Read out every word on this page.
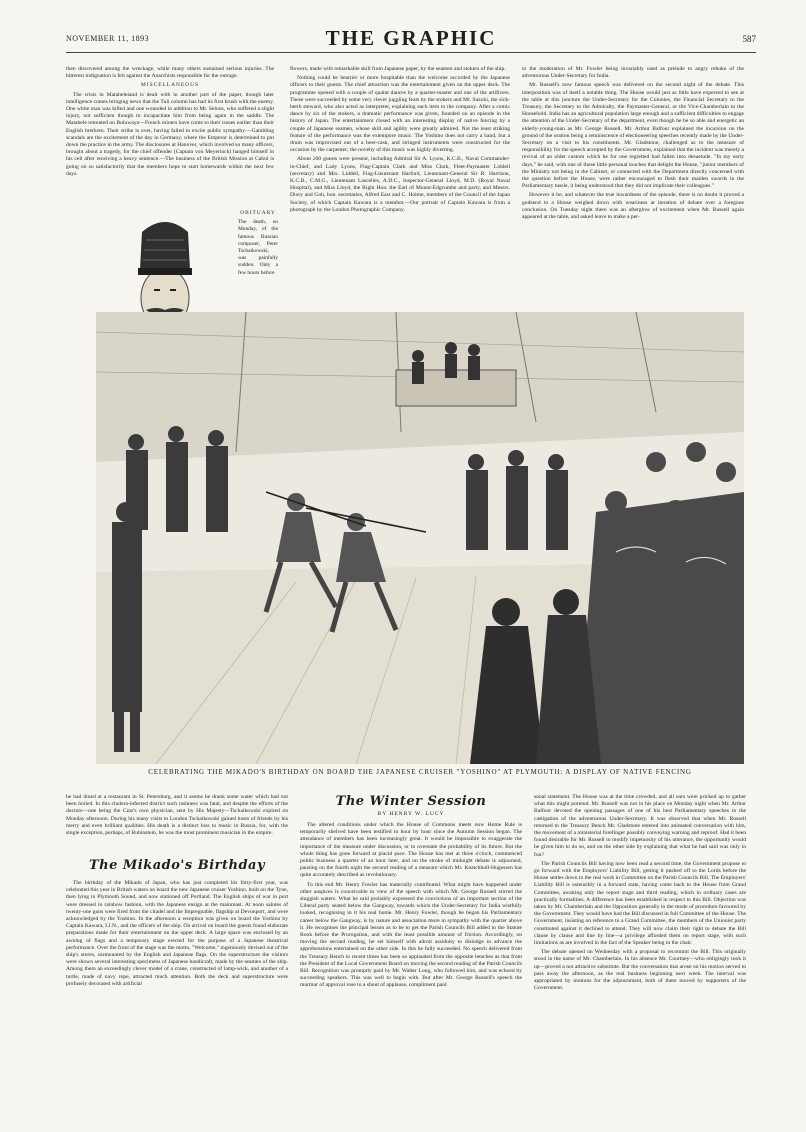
NOVEMBER 11, 1893	THE GRAPHIC	587

then discovered among the wreckage, while many others sustained serious injuries. The bitterest indignation is felt against the Anarchists responsible for the outrage.

MISCELLANEOUS

The crisis in Matabeleland is dealt with in another part of the paper, though later intelligence comes bringing news that the Tuli column has had its first brush with the enemy. One white man was killed and one wounded in addition to Mr. Selous, who suffered a slight injury, not sufficient though to incapacitate him from being again in the saddle. The Matabele retreated on Buluwayo—French miners have come to their issues earlier than their English brethren. Their strike is over, having failed to excite public sympathy.—Gambling scandals are the excitement of the day in Germany, where the Emperor is determined to put down the practice in the army. The disclosures at Hanover, which involved so many officers, brought about a tragedy, for the chief offender (Captain von Meyerinck) hanged himself in his cell after receiving a heavy sentence.—The business of the British Mission at Cabul is going on so satisfactorily that the members hope to start homewards within the next few days.

OBITUARY

The death, on Monday, of the famous Russian composer, Peter Tschaikowski, was painfully sudden. Only a few hours before

flowers, made with remarkable skill from Japanese paper, by the seamen and stokers of the ship.

Nothing could be heartier or more hospitable than the welcome accorded by the Japanese officers to their guests. The chief attraction was the entertainment given on the upper deck. The programme opened with a couple of quaint dances by a quarter-master and one of the artificers. These were succeeded by some very clever juggling feats by the stokers and Mr. Suzuki, the sick-berth steward, who also acted as interpreter, explaining each item to the company. After a comic dance by six of the stokers, a dramatic performance was given, founded on an episode in the history of Japan. The entertainment closed with an interesting display of native fencing by a couple of Japanese seamen, whose skill and agility were greatly admired. Not the least striking feature of the performance was the extempore music. The Yoshino does not carry a band, but a drum was improvised out of a beer-cask, and stringed instruments were constructed for the occasion by the carpenter; the novelty of this music was highly diverting.

About 200 guests were present, including Admiral Sir A. Lyons, K.C.B., Naval Commander-in-Chief, and Lady Lyons, Flag-Captain Clark and Miss Clark, Fleet-Paymaster Liddell (secretary) and Mrs. Liddell, Flag-Lieutenant Harford, Lieutenant-General Sir R. Harrison, K.C.B., C.M.G., Lieutenant Lascelles, A.D.C., Inspector-General Lloyd, M.D. (Royal Naval Hospital), and Miss Lloyd, the Right Hon. the Earl of Mount-Edgcumbe and party, and Messrs. Diory and Goh, hon. secretaries, Alfred East and C. Holme, members of the Council of the Japan Society, of which Captain Kawara is a member.—Our portrait of Captain Kawara is from a photograph by the London Photographic Company.

to the moderation of Mr. Fowler being invariably used as prelude to angry rebuke of the adventurous Under-Secretary for India.

Mr. Russell's now famous speech was delivered on the second night of the debate. This interposition was of itself a notable thing. The House would just as little have expected to see at the table at this juncture the Under-Secretary for the Colonies, the Financial Secretary to the Treasury, the Secretary to the Admiralty, the Paymaster-General, or the Vice-Chamberlain to the Household. India has an agricultural population large enough and a sufficient difficulties to engage the attention of the Under-Secretary of the department, even though he be so able and energetic an elderly-young-man as Mr. George Russell. Mr. Arthur Balfour explained the incursion on the ground of the oration being a reminiscence of electioneering speeches recently made by the Under-Secretary on a visit to his constituents. Mr. Gladstone, challenged as to the measure of responsibility for the speech accepted by the Government, explained that the incident was merely a revival of an older custom which he for one regretted had fallen into desuetude. "In my early days," he said, with one of those little personal touches that delight the House, "junior members of the Ministry not being in the Cabinet, or connected with the Department directly concerned with the question before the House, were rather encouraged to flesh their maiden swords in the Parliamentary tussle, it being understood that they did not implicate their colleagues."

However it be, and whatever the true inwardness of the episode, there is no doubt it proved a godsend to a House weighed down with weariness at iteration of debate over a foregone conclusion. On Tuesday night there was an afterglow of excitement when Mr. Russell again appeared at the table, and asked leave to make a per-

CELEBRATING THE MIKADO'S BIRTHDAY ON BOARD THE JAPANESE CRUISER "YOSHINO" AT PLYMOUTH: A DISPLAY OF NATIVE FENCING

he had dined at a restaurant in St. Petersburg, and it seems he drank some water which had not been boiled. In this cholera-infected district such rashness was fatal, and despite the efforts of the doctors—one being the Czar's own physician, sent by His Majesty—Tschaikowski expired on Monday afternoon. During his many visits to London Tschaikowski gained hosts of friends by his merry and even brilliant qualities. His death is a distinct loss to music in Russia, for, with the single exception, perhaps, of Rubinstein, he was the most prominent musician in the empire.

The Mikado's Birthday

The birthday of the Mikado of Japan, who has just completed his forty-first year, was celebrated this year in British waters on board the new Japanese cruiser Yoshino, built on the Tyne, then lying in Plymouth Sound, and now stationed off Portland. The English ships of war in port were dressed in rainbow fashion, with the Japanese ensign at the mainmast. At noon salutes of twenty-one guns were fired from the citadel and the Impregnable, flagship at Devonport, and were acknowledged by the Yoshino. In the afternoon a reception was given on board the Yoshino by Captain Kawara, I.J.N., and the officers of the ship. On arrival on board the guests found elaborate preparations made for their entertainment on the upper deck. A large space was enclosed by an awning of flags and a temporary stage erected for the purpose of a Japanese theatrical performance. Over the front of the stage was the motto, "Welcome," ingeniously devised out of the ship's stores, surmounted by the English and Japanese flags. On the superstructure the visitors were shown several interesting specimens of Japanese handicraft, made by the seamen of the ship. Among them an exceedingly clever model of a crane, constructed of lamp-wick, and another of a turtle, made of navy rope, attracted much attention. Both the deck and superstructure were profusely decorated with artificial

The Winter Session
BY HENRY W. LUCY

The altered conditions under which the House of Commons meets now Home Rule is temporarily shelved have been testified to hour by hour since the Autumn Session began. The attendance of members has been increasingly great. It would be impossible to exaggerate the importance of the measure under discussion, or to overstate the probability of its future. But the whole thing has gone forward at placid pace. The House has met at three o'clock, commenced public business a quarter of an hour later, and on the stroke of midnight debate is adjourned, pausing on the fourth night the second reading of a measure which Mr. Knatchbull-Hugessen has quite accurately described as revolutionary.

To this end Mr. Henry Fowler has materially contributed. What might have happened under other auspices is conceivable in view of the speech with which Mr. George Russell stirred the sluggish waters. What he said probably expressed the convictions of an important section of the Liberal party seated below the Gangway, towards which the Under-Secretary for India wistfully looked, recognising in it his real home. Mr. Henry Fowler, though he began his Parliamentary career below the Gangway, is by nature and association more in sympathy with the quarter above it. He recognises the principal lesson as to be to get the Parish Councils Bill added to the Statute Book before the Prorogation, and with the least possible amount of friction. Accordingly, on moving the second reading, he set himself with adroit assiduity to dislodge in advance the apprehensions entertained on the other side. In this he fully succeeded. No speech delivered from the Treasury Bench in recent times has been so applauded from the opposite benches as that from the President of the Local Government Board on moving the second reading of the Parish Councils Bill. Recognition was promptly paid by Mr. Walter Long, who followed him, and was echoed by succeeding speakers. This was well to begin with. But after Mr. George Russell's speech the murmur of approval rose to a shout of applause, compliment paid

sonal statement. The House was at the time crowded, and all ears were pricked up to gather what this might portend. Mr. Russell was not in his place on Monday night when Mr. Arthur Balfour devoted the opening passages of one of his best Parliamentary speeches to the castigation of the adventurous Under-Secretary. It was observed that when Mr. Russell returned to the Treasury Bench Mr. Gladstone entered into animated conversation with him, the movement of a ministerial forefinger possibly conveying warning and reproof. Had it been found desirable for Mr. Russell to modify impetuosity of his utterance, the opportunity would be given him to do so, and on the other side by explaining that what he had said was only in fun?

The Parish Councils Bill having now been read a second time, the Government propose to go forward with the Employers' Liability Bill, getting it pushed off to the Lords before the House settles down to the real work in Committee on the Parish Councils Bill. The Employers' Liability Bill is ostensibly in a forward state, having come back to the House from Grand Committee, awaiting only the report stage and third reading, which in ordinary cases are practically formalities. A difference has been established in respect to this Bill. Objection was taken by Mr. Chamberlain and the Opposition generally to the mode of procedure favoured by the Government. They would have had the Bill discussed in full Committee of the House. The Government, insisting on reference to a Grand Committee, the members of the Unionist party constituted against it declined to attend. They will now claim their right to debate the Bill clause by clause and line by line—a privilege afforded them on report stage, with such limitations as are involved in the fact of the Speaker being in the chair.

The debate opened on Wednesday with a proposal to recommit the Bill. This originally stood in the name of Mr. Chamberlain. In his absence Mr. Courtney—who obligingly took it up—proved a not attractive substitute. But the conversation that arose on his motion served to pass away the afternoon, as the real business beginning next week. The interval was appropriated by motions for the adjournment, both of them moved by supporters of the Government.
